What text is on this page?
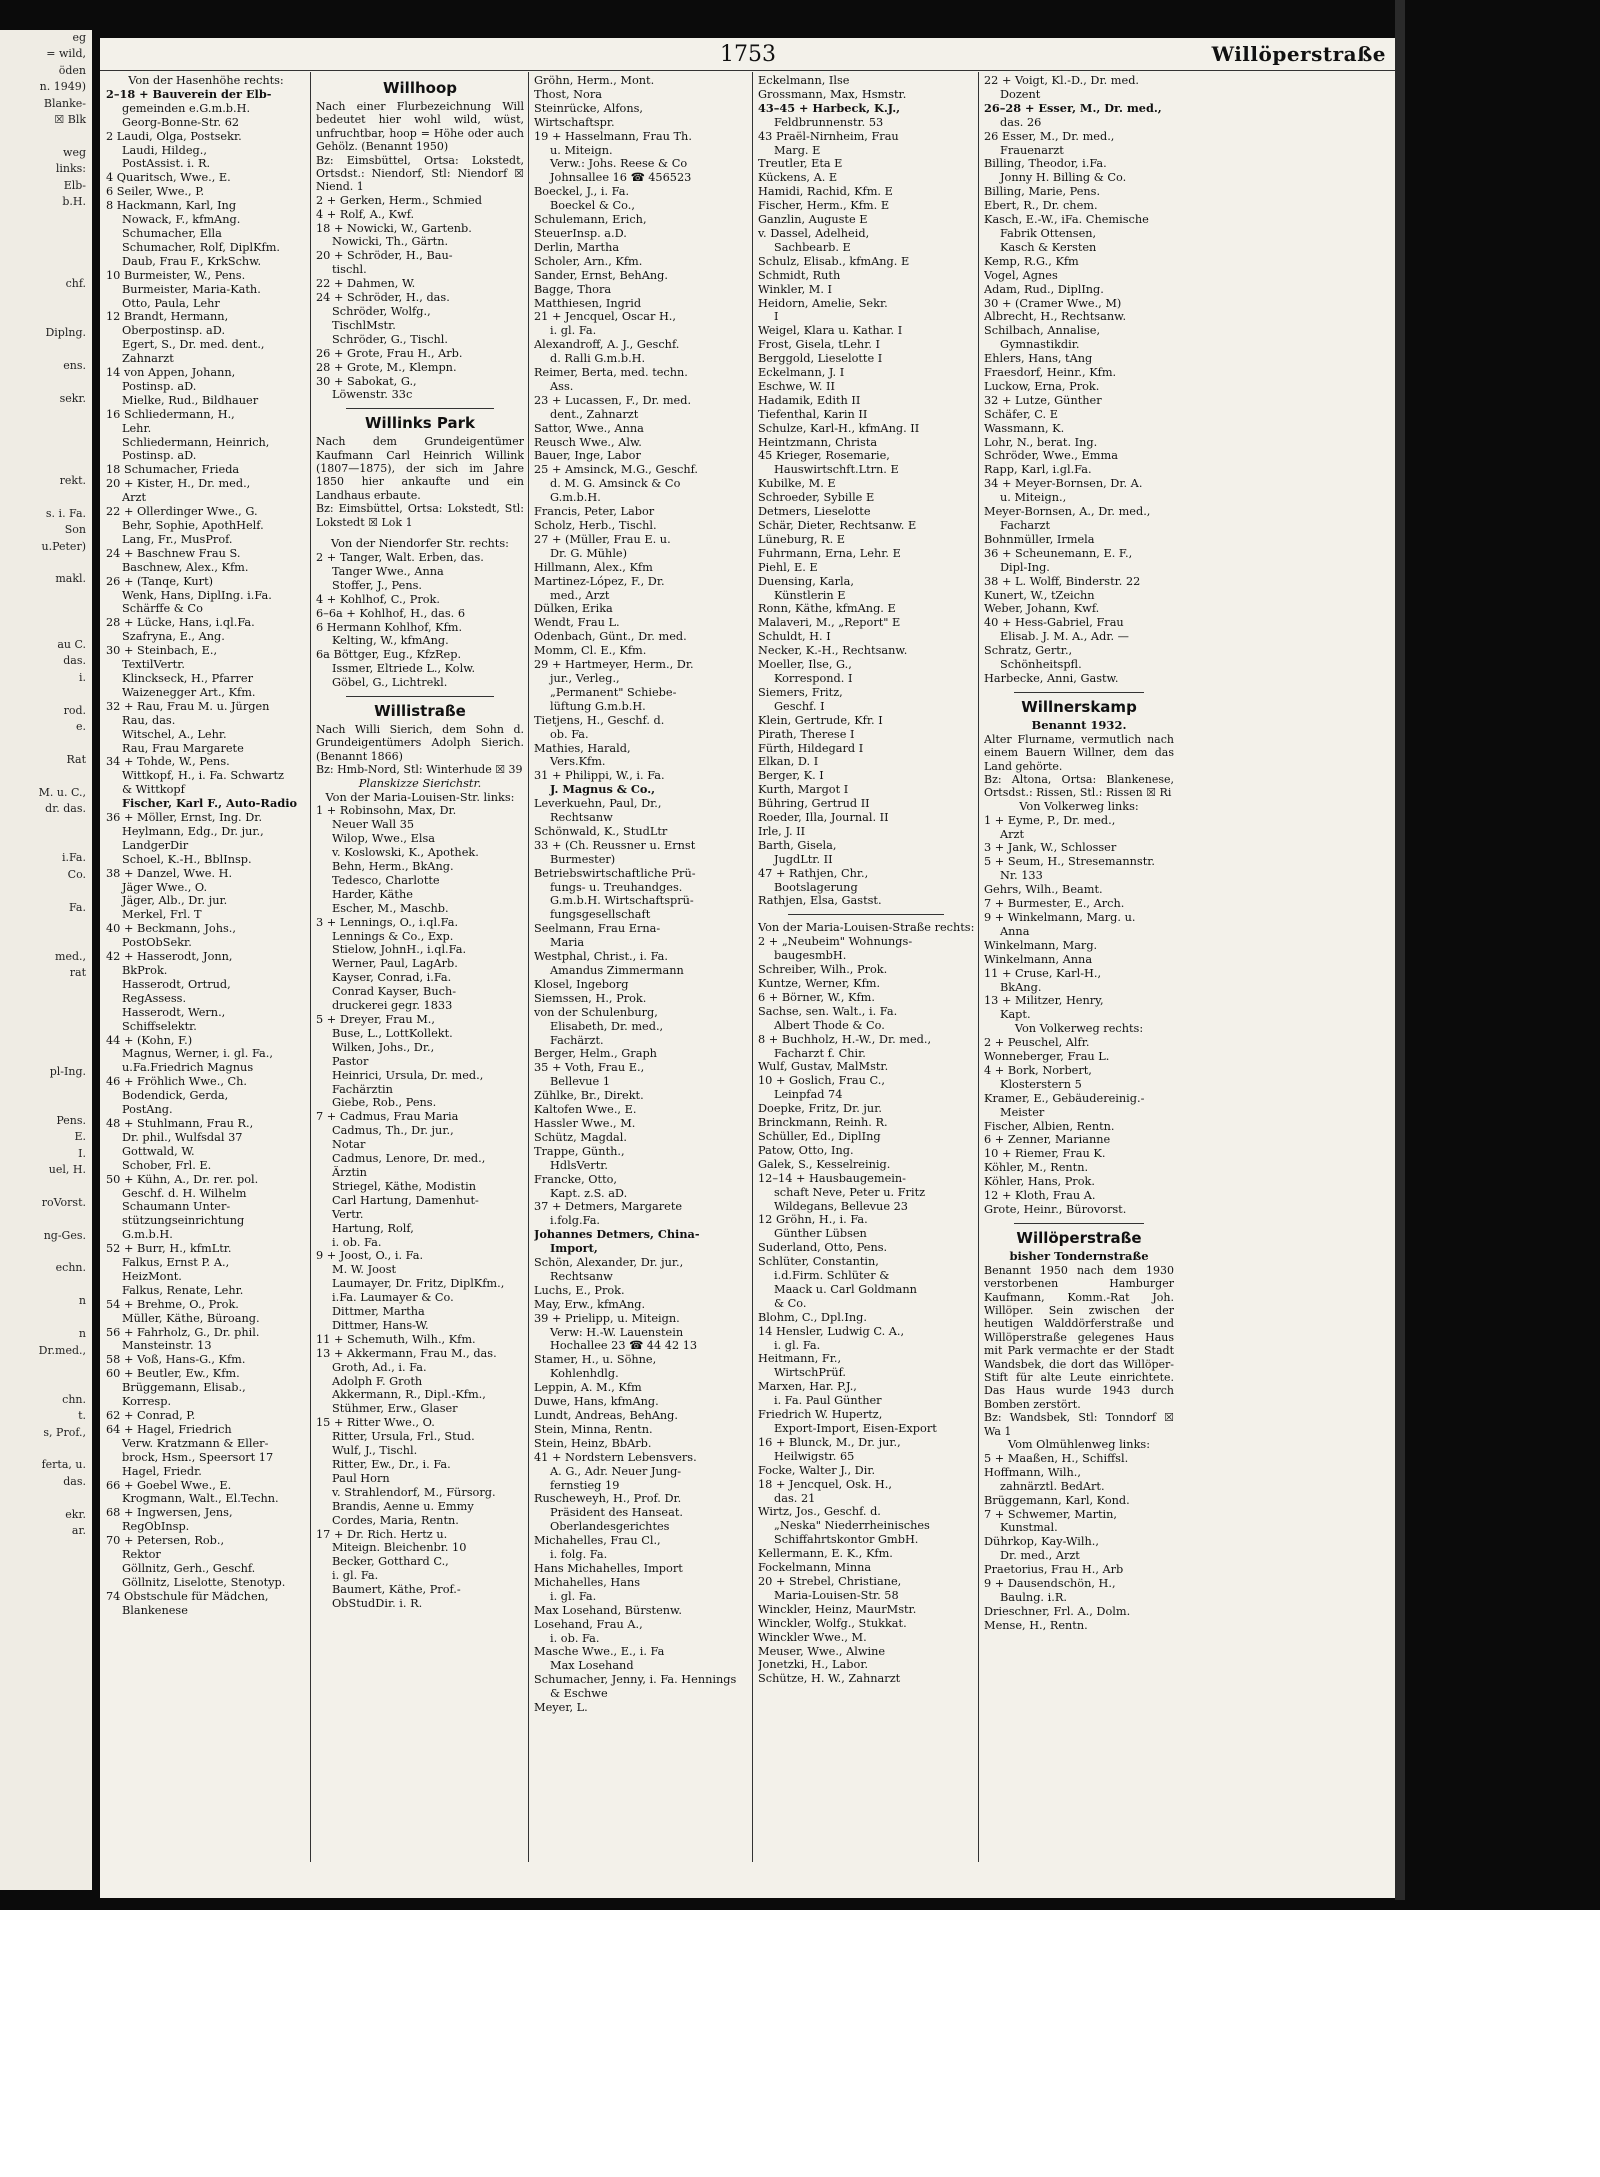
eg
= wild,
öden
n. 1949)
Blanke-
☒ Blk

weg
links:
Elb-
b.H.

chf.

Diplng.

ens.

sekr.

rekt.

s. i. Fa.
Son
u.Peter)

makl.

au C.
das.
i.

rod.
e.

Rat

M. u. C.,
dr. das.

i.Fa.
Co.

Fa.

med.,
rat

pl-Ing.

Pens.
E.
I.
uel, H.

roVorst.

ng-Ges.

echn.

n

n
Dr.med.,

chn.
t.
s, Prof.,

ferta, u.
das.

ekr.
ar.
1753	Willöperstraße
Von der Hasenhöhe rechts:
2–18 + Bauverein der Elb-
gemeinden e.G.m.b.H.
Georg-Bonne-Str. 62
2 Laudi, Olga, Postsekr.
Laudi, Hildeg.,
PostAssist. i. R.
4 Quaritsch, Wwe., E.
6 Seiler, Wwe., P.
8 Hackmann, Karl, Ing
Nowack, F., kfmAng.
Schumacher, Ella
Schumacher, Rolf, DiplKfm.
Daub, Frau F., KrkSchw.
10 Burmeister, W., Pens.
Burmeister, Maria-Kath.
Otto, Paula, Lehr
12 Brandt, Hermann,
Oberpostinsp. aD.
Egert, S., Dr. med. dent.,
Zahnarzt
14 von Appen, Johann,
Postinsp. aD.
Mielke, Rud., Bildhauer
16 Schliedermann, H.,
Lehr.
Schliedermann, Heinrich,
Postinsp. aD.
18 Schumacher, Frieda
20 + Kister, H., Dr. med.,
Arzt
22 + Ollerdinger Wwe., G.
Behr, Sophie, ApothHelf.
Lang, Fr., MusProf.
24 + Baschnew Frau S.
Baschnew, Alex., Kfm.
26 + (Tanqe, Kurt)
Wenk, Hans, DiplIng. i.Fa.
Schärffe & Co
28 + Lücke, Hans, i.ql.Fa.
Szafryna, E., Ang.
30 + Steinbach, E.,
TextilVertr.
Klinckseck, H., Pfarrer
Waizenegger Art., Kfm.
32 + Rau, Frau M. u. Jürgen
Rau, das.
Witschel, A., Lehr.
Rau, Frau Margarete
34 + Tohde, W., Pens.
Wittkopf, H., i. Fa. Schwartz
& Wittkopf
Fischer, Karl F., Auto-Radio
36 + Möller, Ernst, Ing. Dr.
Heylmann, Edg., Dr. jur.,
LandgerDir
Schoel, K.-H., BblInsp.
38 + Danzel, Wwe. H.
Jäger Wwe., O.
Jäger, Alb., Dr. jur.
Merkel, Frl. T
40 + Beckmann, Johs.,
PostObSekr.
42 + Hasserodt, Jonn,
BkProk.
Hasserodt, Ortrud,
RegAssess.
Hasserodt, Wern.,
Schiffselektr.
44 + (Kohn, F.)
Magnus, Werner, i. gl. Fa.,
u.Fa.Friedrich Magnus
46 + Fröhlich Wwe., Ch.
Bodendick, Gerda,
PostAng.
48 + Stuhlmann, Frau R.,
Dr. phil., Wulfsdal 37
Gottwald, W.
Schober, Frl. E.
50 + Kühn, A., Dr. rer. pol.
Geschf. d. H. Wilhelm
Schaumann Unter-
stützungseinrichtung
G.m.b.H.
52 + Burr, H., kfmLtr.
Falkus, Ernst P. A.,
HeizMont.
Falkus, Renate, Lehr.
54 + Brehme, O., Prok.
Müller, Käthe, Büroang.
56 + Fahrholz, G., Dr. phil.
Mansteinstr. 13
58 + Voß, Hans-G., Kfm.
60 + Beutler, Ew., Kfm.
Brüggemann, Elisab.,
Korresp.
62 + Conrad, P.
64 + Hagel, Friedrich
Verw. Kratzmann & Eller-
brock, Hsm., Speersort 17
Hagel, Friedr.
66 + Goebel Wwe., E.
Krogmann, Walt., El.Techn.
68 + Ingwersen, Jens,
RegObInsp.
70 + Petersen, Rob.,
Rektor
Göllnitz, Gerh., Geschf.
Göllnitz, Liselotte, Stenotyp.
74 Obstschule für Mädchen,
Blankenese
Willhoop
Nach einer Flurbezeichnung Will bedeutet hier wohl wild, wüst, unfruchtbar, hoop = Höhe oder auch Gehölz. (Benannt 1950)
Bz: Eimsbüttel, Ortsa: Lokstedt, Ortsdst.: Niendorf, Stl: Niendorf ☒ Niend. 1
2 + Gerken, Herm., Schmied
4 + Rolf, A., Kwf.
18 + Nowicki, W., Gartenb.
Nowicki, Th., Gärtn.
20 + Schröder, H., Bau-
tischl.
22 + Dahmen, W.
24 + Schröder, H., das.
Schröder, Wolfg.,
TischlMstr.
Schröder, G., Tischl.
26 + Grote, Frau H., Arb.
28 + Grote, M., Klempn.
30 + Sabokat, G.,
Löwenstr. 33c
Willinks Park
Nach dem Grundeigentümer Kaufmann Carl Heinrich Willink (1807—1875), der sich im Jahre 1850 hier ankaufte und ein Landhaus erbaute.
Bz: Eimsbüttel, Ortsa: Lokstedt, Stl: Lokstedt ☒ Lok 1
Von der Niendorfer Str. rechts:
2 + Tanger, Walt. Erben, das.
Tanger Wwe., Anna
Stoffer, J., Pens.
4 + Kohlhof, C., Prok.
6–6a + Kohlhof, H., das. 6
6 Hermann Kohlhof, Kfm.
Kelting, W., kfmAng.
6a Böttger, Eug., KfzRep.
Issmer, Eltriede L., Kolw.
Göbel, G., Lichtrekl.
Willistraße
Nach Willi Sierich, dem Sohn d. Grundeigentümers Adolph Sierich. (Benannt 1866)
Bz: Hmb-Nord, Stl: Winterhude ☒ 39
Planskizze Sierichstr.
Von der Maria-Louisen-Str. links:
1 + Robinsohn, Max, Dr.
Neuer Wall 35
Wilop, Wwe., Elsa
v. Koslowski, K., Apothek.
Behn, Herm., BkAng.
Tedesco, Charlotte
Harder, Käthe
Escher, M., Maschb.
3 + Lennings, O., i.ql.Fa.
Lennings & Co., Exp.
Stielow, JohnH., i.ql.Fa.
Werner, Paul, LagArb.
Kayser, Conrad, i.Fa.
Conrad Kayser, Buch-
druckerei gegr. 1833
5 + Dreyer, Frau M.,
Buse, L., LottKollekt.
Wilken, Johs., Dr.,
Pastor
Heinrici, Ursula, Dr. med.,
Fachärztin
Giebe, Rob., Pens.
7 + Cadmus, Frau Maria
Cadmus, Th., Dr. jur.,
Notar
Cadmus, Lenore, Dr. med.,
Ärztin
Striegel, Käthe, Modistin
Carl Hartung, Damenhut-
Vertr.
Hartung, Rolf,
i. ob. Fa.
9 + Joost, O., i. Fa.
M. W. Joost
Laumayer, Dr. Fritz, DiplKfm.,
i.Fa. Laumayer & Co.
Dittmer, Martha
Dittmer, Hans-W.
11 + Schemuth, Wilh., Kfm.
13 + Akkermann, Frau M., das.
Groth, Ad., i. Fa.
Adolph F. Groth
Akkermann, R., Dipl.-Kfm.,
Stühmer, Erw., Glaser
15 + Ritter Wwe., O.
Ritter, Ursula, Frl., Stud.
Wulf, J., Tischl.
Ritter, Ew., Dr., i. Fa.
Paul Horn
v. Strahlendorf, M., Fürsorg.
Brandis, Aenne u. Emmy
Cordes, Maria, Rentn.
17 + Dr. Rich. Hertz u.
Miteign. Bleichenbr. 10
Becker, Gotthard C.,
i. gl. Fa.
Baumert, Käthe, Prof.-
ObStudDir. i. R.
Gröhn, Herm., Mont.
Thost, Nora
Steinrücke, Alfons,
Wirtschaftspr.
19 + Hasselmann, Frau Th.
u. Miteign.
Verw.: Johs. Reese & Co
Johnsallee 16 ☎ 456523
Boeckel, J., i. Fa.
Boeckel & Co.,
Schulemann, Erich,
SteuerInsp. a.D.
Derlin, Martha
Scholer, Arn., Kfm.
Sander, Ernst, BehAng.
Bagge, Thora
Matthiesen, Ingrid
21 + Jencquel, Oscar H.,
i. gl. Fa.
Alexandroff, A. J., Geschf.
d. Ralli G.m.b.H.
Reimer, Berta, med. techn.
Ass.
23 + Lucassen, F., Dr. med.
dent., Zahnarzt
Sattor, Wwe., Anna
Reusch Wwe., Alw.
Bauer, Inge, Labor
25 + Amsinck, M.G., Geschf.
d. M. G. Amsinck & Co
G.m.b.H.
Francis, Peter, Labor
Scholz, Herb., Tischl.
27 + (Müller, Frau E. u.
Dr. G. Mühle)
Hillmann, Alex., Kfm
Martinez-López, F., Dr.
med., Arzt
Dülken, Erika
Wendt, Frau L.
Odenbach, Günt., Dr. med.
Momm, Cl. E., Kfm.
29 + Hartmeyer, Herm., Dr.
jur., Verleg.,
„Permanent" Schiebe-
lüftung G.m.b.H.
Tietjens, H., Geschf. d.
ob. Fa.
Mathies, Harald,
Vers.Kfm.
31 + Philippi, W., i. Fa.
J. Magnus & Co.,
Leverkuehn, Paul, Dr.,
Rechtsanw
Schönwald, K., StudLtr
33 + (Ch. Reussner u. Ernst
Burmester)
Betriebswirtschaftliche Prü-
fungs- u. Treuhandges.
G.m.b.H. Wirtschaftsprü-
fungsgesellschaft
Seelmann, Frau Erna-
Maria
Westphal, Christ., i. Fa.
Amandus Zimmermann
Klosel, Ingeborg
Siemssen, H., Prok.
von der Schulenburg,
Elisabeth, Dr. med.,
Fachärzt.
Berger, Helm., Graph
35 + Voth, Frau E.,
Bellevue 1
Zühlke, Br., Direkt.
Kaltofen Wwe., E.
Hassler Wwe., M.
Schütz, Magdal.
Trappe, Günth.,
HdlsVertr.
Francke, Otto,
Kapt. z.S. aD.
37 + Detmers, Margarete
i.folg.Fa.
Johannes Detmers, China-
Import,
Schön, Alexander, Dr. jur.,
Rechtsanw
Luchs, E., Prok.
May, Erw., kfmAng.
39 + Prielipp, u. Miteign.
Verw: H.-W. Lauenstein
Hochallee 23 ☎ 44 42 13
Stamer, H., u. Söhne,
Kohlenhdlg.
Leppin, A. M., Kfm
Duwe, Hans, kfmAng.
Lundt, Andreas, BehAng.
Stein, Minna, Rentn.
Stein, Heinz, BbArb.
41 + Nordstern Lebensvers.
A. G., Adr. Neuer Jung-
fernstieg 19
Ruscheweyh, H., Prof. Dr.
Präsident des Hanseat.
Oberlandesgerichtes
Michahelles, Frau Cl.,
i. folg. Fa.
Hans Michahelles, Import
Michahelles, Hans
i. gl. Fa.
Max Losehand, Bürstenw.
Losehand, Frau A.,
i. ob. Fa.
Masche Wwe., E., i. Fa
Max Losehand
Schumacher, Jenny, i. Fa. Hennings
& Eschwe
Meyer, L.
Eckelmann, Ilse
Grossmann, Max, Hsmstr.
43–45 + Harbeck, K.J.,
Feldbrunnenstr. 53
43 Praël-Nirnheim, Frau
Marg. E
Treutler, Eta E
Kückens, A. E
Hamidi, Rachid, Kfm. E
Fischer, Herm., Kfm. E
Ganzlin, Auguste E
v. Dassel, Adelheid,
Sachbearb. E
Schulz, Elisab., kfmAng. E
Schmidt, Ruth
Winkler, M. I
Heidorn, Amelie, Sekr.
I
Weigel, Klara u. Kathar. I
Frost, Gisela, tLehr. I
Berggold, Lieselotte I
Eckelmann, J. I
Eschwe, W. II
Hadamik, Edith II
Tiefenthal, Karin II
Schulze, Karl-H., kfmAng. II
Heintzmann, Christa
45 Krieger, Rosemarie,
Hauswirtschft.Ltrn. E
Kubilke, M. E
Schroeder, Sybille E
Detmers, Lieselotte
Schär, Dieter, Rechtsanw. E
Lüneburg, R. E
Fuhrmann, Erna, Lehr. E
Piehl, E. E
Duensing, Karla,
Künstlerin E
Ronn, Käthe, kfmAng. E
Malaveri, M., „Report" E
Schuldt, H. I
Necker, K.-H., Rechtsanw.
Moeller, Ilse, G.,
Korrespond. I
Siemers, Fritz,
Geschf. I
Klein, Gertrude, Kfr. I
Pirath, Therese I
Fürth, Hildegard I
Elkan, D. I
Berger, K. I
Kurth, Margot I
Bühring, Gertrud II
Roeder, Illa, Journal. II
Irle, J. II
Barth, Gisela,
JugdLtr. II
47 + Rathjen, Chr.,
Bootslagerung
Rathjen, Elsa, Gastst.
Von der Maria-Louisen-Straße rechts:
2 + „Neubeim" Wohnungs-
baugesmbH.
Schreiber, Wilh., Prok.
Kuntze, Werner, Kfm.
6 + Börner, W., Kfm.
Sachse, sen. Walt., i. Fa.
Albert Thode & Co.
8 + Buchholz, H.-W., Dr. med.,
Facharzt f. Chir.
Wulf, Gustav, MalMstr.
10 + Goslich, Frau C.,
Leinpfad 74
Doepke, Fritz, Dr. jur.
Brinckmann, Reinh. R.
Schüller, Ed., DiplIng
Patow, Otto, Ing.
Galek, S., Kesselreinig.
12–14 + Hausbaugemein-
schaft Neve, Peter u. Fritz
Wildegans, Bellevue 23
12 Gröhn, H., i. Fa.
Günther Lübsen
Suderland, Otto, Pens.
Schlüter, Constantin,
i.d.Firm. Schlüter &
Maack u. Carl Goldmann
& Co.
Blohm, C., Dpl.Ing.
14 Hensler, Ludwig C. A.,
i. gl. Fa.
Heitmann, Fr.,
WirtschPrüf.
Marxen, Har. P.J.,
i. Fa. Paul Günther
Friedrich W. Hupertz,
Export-Import, Eisen-Export
16 + Blunck, M., Dr. jur.,
Heilwigstr. 65
Focke, Walter J., Dir.
18 + Jencquel, Osk. H.,
das. 21
Wirtz, Jos., Geschf. d.
„Neska" Niederrheinisches
Schiffahrtskontor GmbH.
Kellermann, E. K., Kfm.
Fockelmann, Minna
20 + Strebel, Christiane,
Maria-Louisen-Str. 58
Winckler, Heinz, MaurMstr.
Winckler, Wolfg., Stukkat.
Winckler Wwe., M.
Meuser, Wwe., Alwine
Jonetzki, H., Labor.
Schütze, H. W., Zahnarzt
22 + Voigt, Kl.-D., Dr. med.
Dozent
26–28 + Esser, M., Dr. med.,
das. 26
26 Esser, M., Dr. med.,
Frauenarzt
Billing, Theodor, i.Fa.
Jonny H. Billing & Co.
Billing, Marie, Pens.
Ebert, R., Dr. chem.
Kasch, E.-W., iFa. Chemische
Fabrik Ottensen,
Kasch & Kersten
Kemp, R.G., Kfm
Vogel, Agnes
Adam, Rud., DiplIng.
30 + (Cramer Wwe., M)
Albrecht, H., Rechtsanw.
Schilbach, Annalise,
Gymnastikdir.
Ehlers, Hans, tAng
Fraesdorf, Heinr., Kfm.
Luckow, Erna, Prok.
32 + Lutze, Günther
Schäfer, C. E
Wassmann, K.
Lohr, N., berat. Ing.
Schröder, Wwe., Emma
Rapp, Karl, i.gl.Fa.
34 + Meyer-Bornsen, Dr. A.
u. Miteign.,
Meyer-Bornsen, A., Dr. med.,
Facharzt
Bohnmüller, Irmela
36 + Scheunemann, E. F.,
Dipl-Ing.
38 + L. Wolff, Binderstr. 22
Kunert, W., tZeichn
Weber, Johann, Kwf.
40 + Hess-Gabriel, Frau
Elisab. J. M. A., Adr. —
Schratz, Gertr.,
Schönheitspfl.
Harbecke, Anni, Gastw.
Willnerskamp
Benannt 1932.
Alter Flurname, vermutlich nach einem Bauern Willner, dem das Land gehörte.
Bz: Altona, Ortsa: Blankenese, Ortsdst.: Rissen, Stl.: Rissen ☒ Ri
Von Volkerweg links:
1 + Eyme, P., Dr. med.,
Arzt
3 + Jank, W., Schlosser
5 + Seum, H., Stresemannstr.
Nr. 133
Gehrs, Wilh., Beamt.
7 + Burmester, E., Arch.
9 + Winkelmann, Marg. u.
Anna
Winkelmann, Marg.
Winkelmann, Anna
11 + Cruse, Karl-H.,
BkAng.
13 + Militzer, Henry,
Kapt.
Von Volkerweg rechts:
2 + Peuschel, Alfr.
Wonneberger, Frau L.
4 + Bork, Norbert,
Klosterstern 5
Kramer, E., Gebäudereinig.-
Meister
Fischer, Albien, Rentn.
6 + Zenner, Marianne
10 + Riemer, Frau K.
Köhler, M., Rentn.
Köhler, Hans, Prok.
12 + Kloth, Frau A.
Grote, Heinr., Bürovorst.
Willöperstraße
bisher Tondernstraße
Benannt 1950 nach dem 1930 verstorbenen Hamburger Kaufmann, Komm.-Rat Joh. Willöper. Sein zwischen der heutigen Walddörferstraße und Willöperstraße gelegenes Haus mit Park vermachte er der Stadt Wandsbek, die dort das Willöper-Stift für alte Leute einrichtete. Das Haus wurde 1943 durch Bomben zerstört.
Bz: Wandsbek, Stl: Tonndorf ☒ Wa 1
Vom Olmühlenweg links:
5 + Maaßen, H., Schiffsl.
Hoffmann, Wilh.,
zahnärztl. BedArt.
Brüggemann, Karl, Kond.
7 + Schwemer, Martin,
Kunstmal.
Dührkop, Kay-Wilh.,
Dr. med., Arzt
Praetorius, Frau H., Arb
9 + Dausendschön, H.,
Baulng. i.R.
Drieschner, Frl. A., Dolm.
Mense, H., Rentn.
